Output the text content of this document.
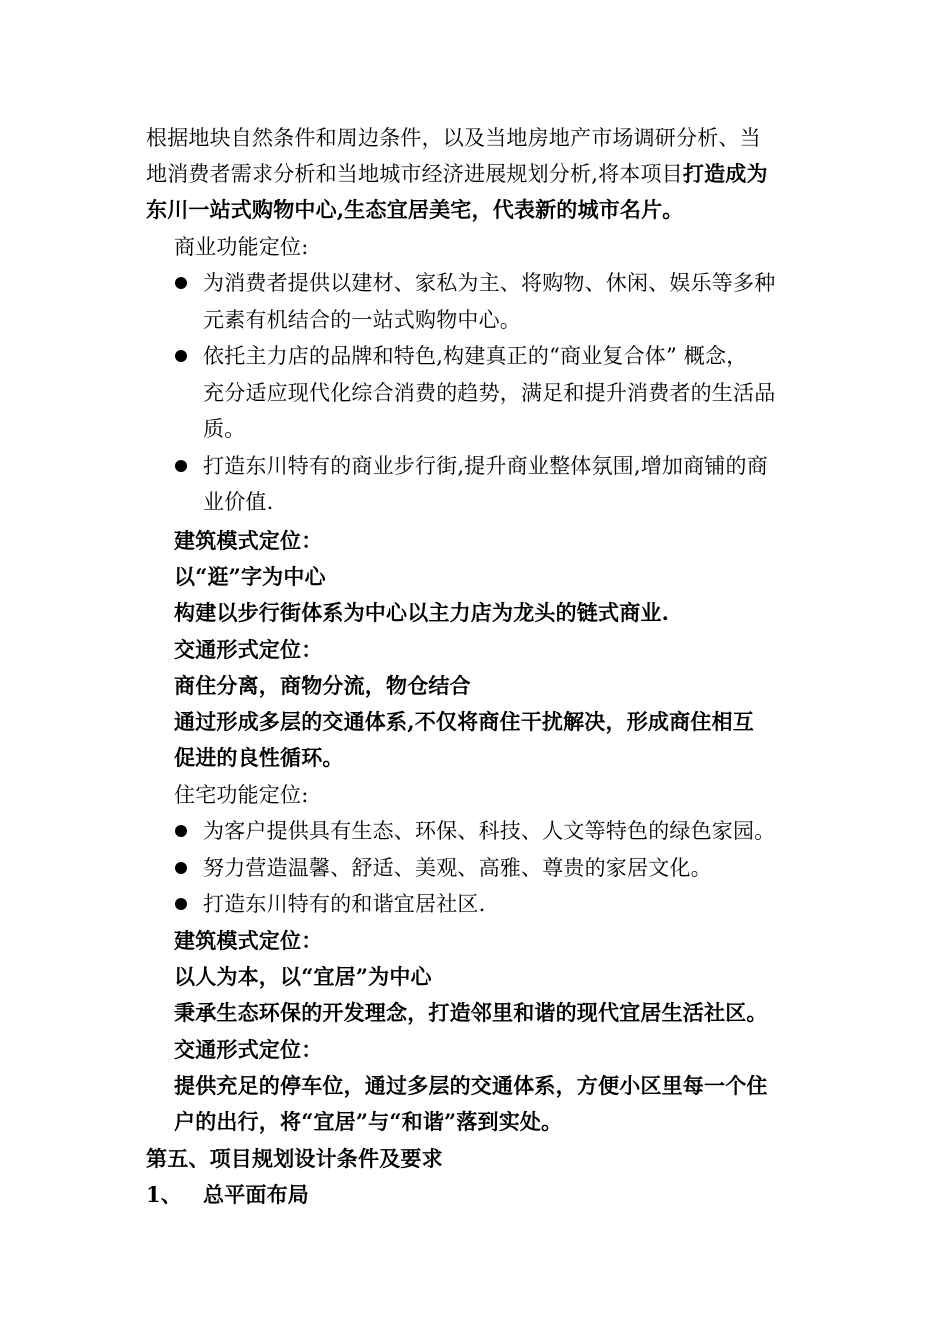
根据地块自然条件和周边条件，以及当地房地产市场调研分析、当
地消费者需求分析和当地城市经济进展规划分析,将本项目打造成为
东川一站式购物中心,生态宜居美宅，代表新的城市名片。
商业功能定位:
为消费者提供以建材、家私为主、将购物、休闲、娱乐等多种
元素有机结合的一站式购物中心。
依托主力店的品牌和特色,构建真正的“商业复合体” 概念，
充分适应现代化综合消费的趋势，满足和提升消费者的生活品
质。
打造东川特有的商业步行街,提升商业整体氛围,增加商铺的商
业价值.
建筑模式定位：
以“逛”字为中心
构建以步行街体系为中心以主力店为龙头的链式商业.
交通形式定位：
商住分离，商物分流，物仓结合
通过形成多层的交通体系,不仅将商住干扰解决，形成商住相互
促进的良性循环。
住宅功能定位:
为客户提供具有生态、环保、科技、人文等特色的绿色家园。
努力营造温馨、舒适、美观、高雅、尊贵的家居文化。
打造东川特有的和谐宜居社区.
建筑模式定位：
以人为本，以“宜居”为中心
秉承生态环保的开发理念，打造邻里和谐的现代宜居生活社区。
交通形式定位：
提供充足的停车位，通过多层的交通体系，方便小区里每一个住
户的出行，将“宜居”与“和谐”落到实处。
第五、项目规划设计条件及要求
1、 总平面布局
